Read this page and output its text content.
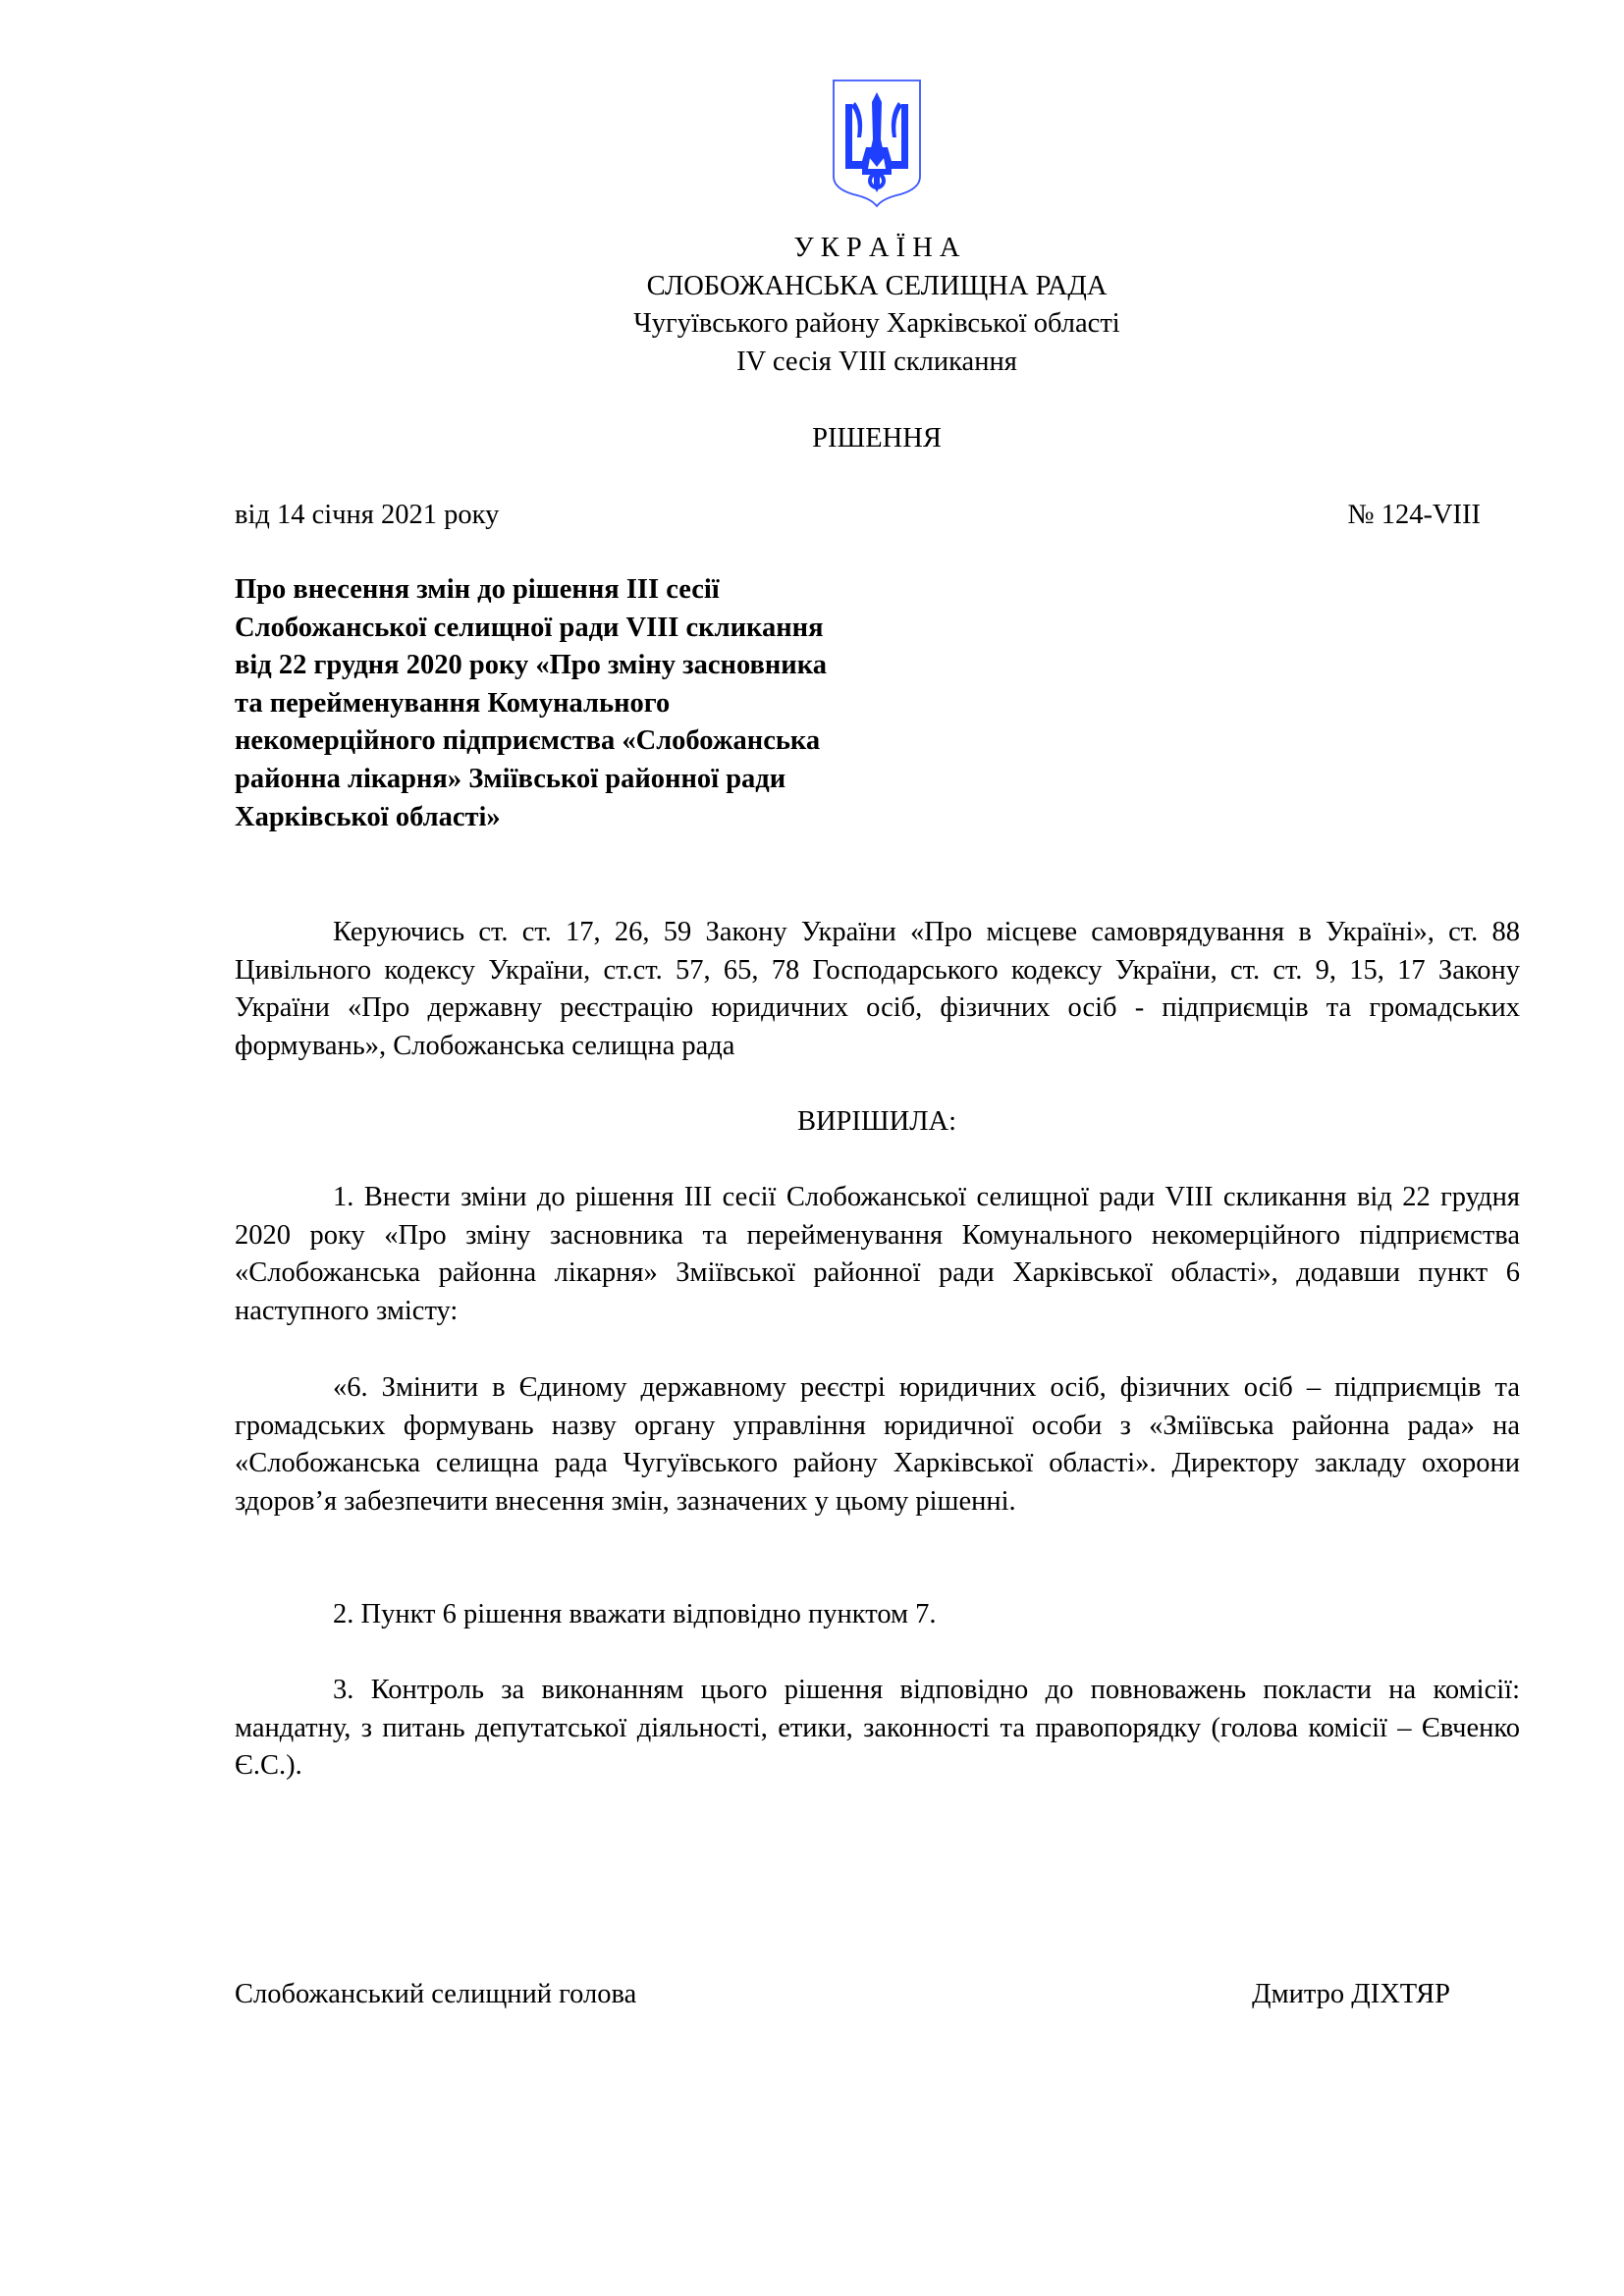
У К Р А Ї Н А
СЛОБОЖАНСЬКА СЕЛИЩНА РАДА
Чугуївського району Харківської області
IV сесія VIII скликання
РІШЕННЯ
від 14 січня 2021 року	№ 124-VIII
Про внесення змін до рішення III сесії
Слобожанської селищної ради VIII скликання
від 22 грудня 2020 року «Про зміну засновника
та перейменування Комунального
некомерційного підприємства «Слобожанська
районна лікарня» Зміївської районної ради
Харківської області»

Керуючись ст. ст. 17, 26, 59 Закону України «Про місцеве самоврядування в Україні», ст. 88 Цивільного кодексу України, ст.ст. 57, 65, 78 Господарського кодексу України, ст. ст. 9, 15, 17 Закону України «Про державну реєстрацію юридичних осіб, фізичних осіб - підприємців та громадських формувань», Слобожанська селищна рада

ВИРІШИЛА:

1. Внести зміни до рішення III сесії Слобожанської селищної ради VIII скликання від 22 грудня 2020 року «Про зміну засновника та перейменування Комунального некомерційного підприємства «Слобожанська районна лікарня» Зміївської районної ради Харківської області», додавши пункт 6 наступного змісту:

«6. Змінити в Єдиному державному реєстрі юридичних осіб, фізичних осіб – підприємців та громадських формувань назву органу управління юридичної особи з «Зміївська районна рада» на «Слобожанська селищна рада Чугуївського району Харківської області». Директору закладу охорони здоров’я забезпечити внесення змін, зазначених у цьому рішенні.

2. Пункт 6 рішення вважати відповідно пунктом 7.

3. Контроль за виконанням цього рішення відповідно до повноважень покласти на комісії: мандатну, з питань депутатської діяльності, етики, законності та правопорядку (голова комісії – Євченко Є.С.).

Слобожанський селищний голова	Дмитро ДІХТЯР
